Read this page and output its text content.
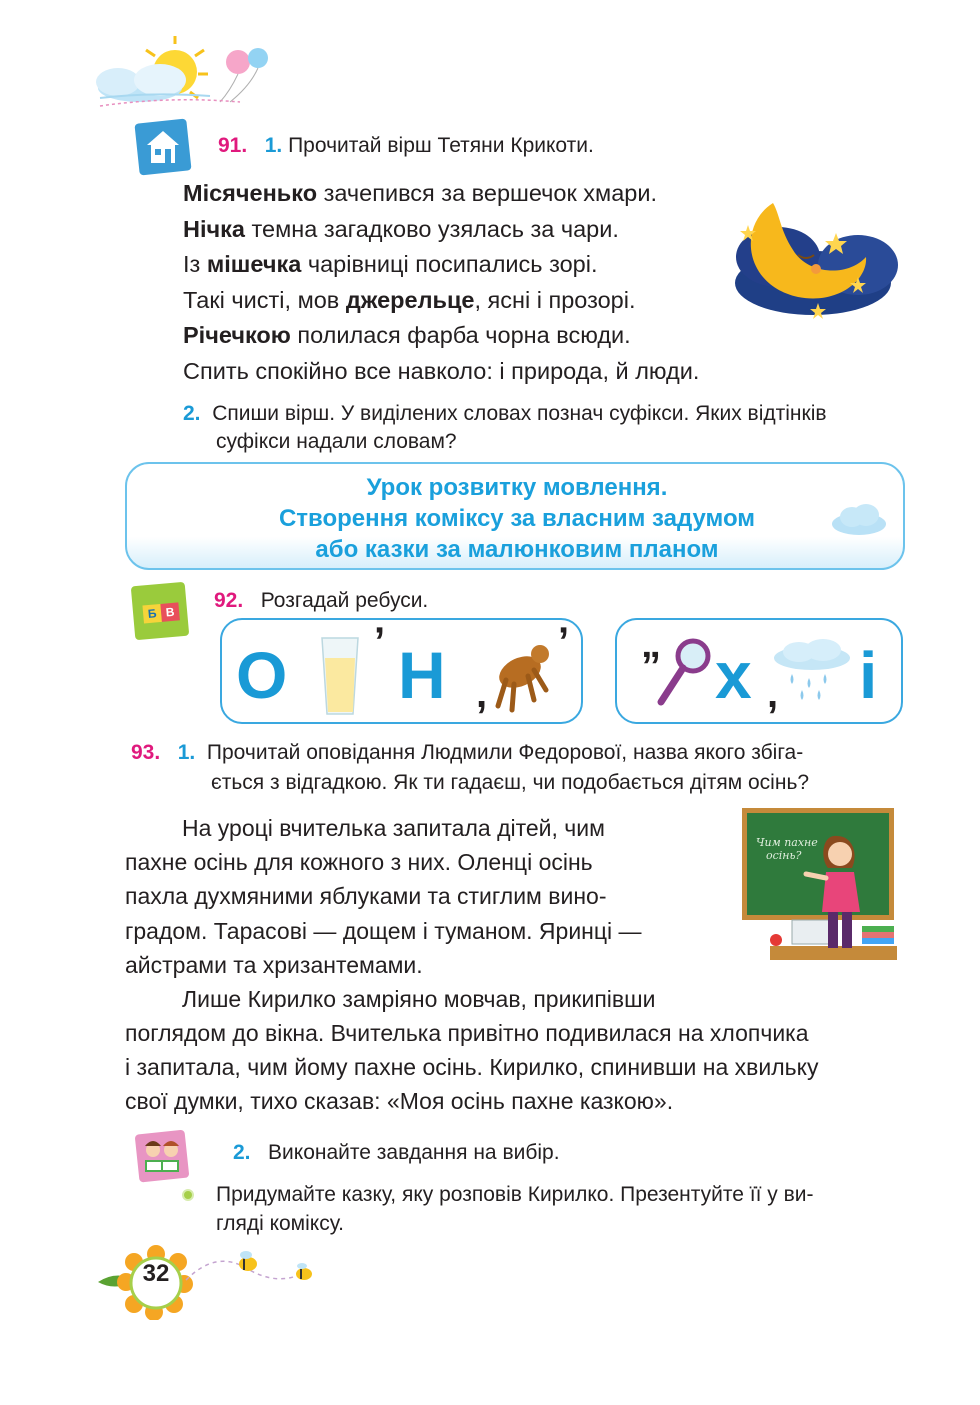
91. 1. Прочитай вірш Тетяни Крикоти.
Місяченько зачепився за вершечок хмари.
Нічка темна загадково узялась за чари.
Із мішечка чарівниці посипались зорі.
Такі чисті, мов джерельце, ясні і прозорі.
Річечкою полилася фарба чорна всюди.
Спить спокійно все навколо: і природа, й люди.
2. Спиши вірш. У виділених словах познач суфікси. Яких відтінків
суфікси надали словам?
Урок розвитку мовлення.
Створення коміксу за власним задумом
або казки за малюнковим планом
Б В
92. Розгадай ребуси.
О ’ Н ,
’ „ х , і
93. 1. Прочитай оповідання Людмили Федорової, назва якого збіга-
ється з відгадкою. Як ти гадаєш, чи подобається дітям осінь?
На уроці вчителька запитала дітей, чим
пахне осінь для кожного з них. Оленці осінь
пахла духмяними яблуками та стиглим вино-
градом. Тарасові — дощем і туманом. Яринці —
айстрами та хризантемами.
Лише Кирилко замріяно мовчав, прикипівши
поглядом до вікна. Вчителька привітно подивилася на хлопчика
і запитала, чим йому пахне осінь. Кирилко, спинивши на хвильку
свої думки, тихо сказав: «Моя осінь пахне казкою».
Чим пахне
осінь?
2. Виконайте завдання на вибір.
Придумайте казку, яку розповів Кирилко. Презентуйте її у ви-
гляді коміксу.
32
